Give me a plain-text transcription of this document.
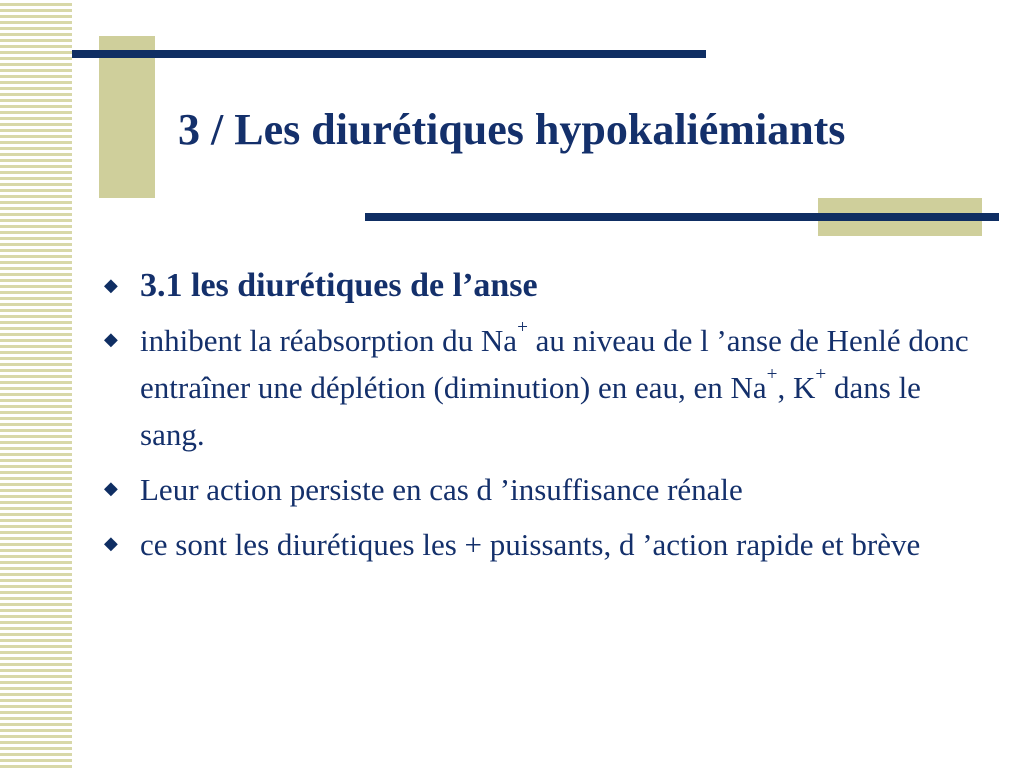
3 / Les diurétiques hypokaliémiants
◆ 3.1 les diurétiques de l’anse
◆ inhibent la réabsorption du Na+ au niveau de l ’anse de Henlé donc entraîner une déplétion (diminution) en eau, en Na+, K+ dans le sang.
◆ Leur action persiste en cas d ’insuffisance rénale
◆ ce sont les diurétiques les + puissants, d ’action rapide et brève
